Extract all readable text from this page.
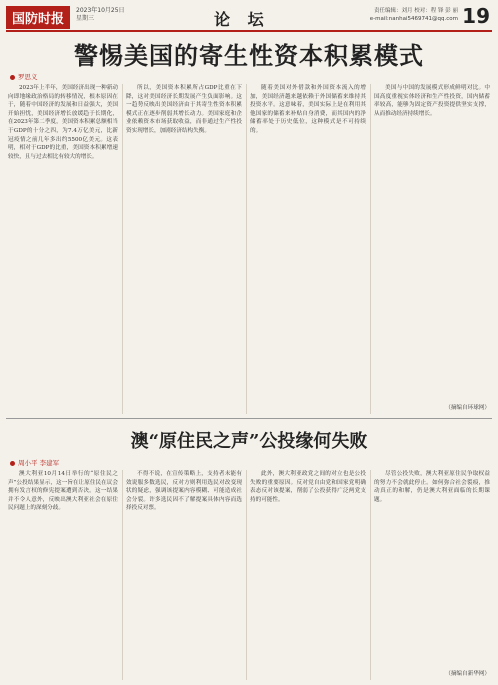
国防时报
2023年10月25日
星期三	论 坛	责任编辑：刘月 校对：程 锋 彭 丽
e-mail:nanhai5469741@qq.com 19
警惕美国的寄生性资本积累模式
罗思义

2023年上半年，美国经济出现一种新动向即地缘政治格局的转移情况，根本原因在于，随着中国经济的发展和日益强大，美国开始担忧，美国经济增长放缓趋于长期化，在2023年第二季度，美国资本积累总额相当于GDP的十分之四，为7.4万亿美元，比新冠疫情之前几年多出约5500亿美元。这表明，相对于GDP的比重，美国资本积累增速较快，且与过去相比有较大的增长。

所以，美国资本积累所占GDP比重在下降，这对美国经济长期发展产生负面影响。这一趋势反映出美国经济由于其寄生性资本积累模式正在逐步削弱其增长动力。美国家庭和企业依赖资本市场获取收益，而非通过生产性投资实现增长，加剧经济结构失衡。

随着美国对外借款和外国资本流入的增加，美国经济越来越依赖于外国储蓄来维持其投资水平。这意味着，美国实际上是在利用其他国家的储蓄来补贴自身消费，而其国内的净储蓄率处于历史低位，这种模式是不可持续的。

美国与中国的发展模式形成鲜明对比。中国高度重视实体经济和生产性投资，国内储蓄率较高，能够为固定资产投资提供坚实支撑，从而推动经济持续增长。

（摘编自环球网）
澳“原住民之声”公投缘何失败
周小平 李建军

澳大利亚10月14日举行的“原住民之声”公投结果显示，这一旨在让原住民在议会拥有发言权的修宪提案遭到否决。这一结果并不令人意外，反映出澳大利亚社会在原住民问题上的深刻分歧。

不得不说，在宣传策略上，支持者未能有效说服多数选民，反对方则利用选民对改变现状的疑虑，强调该提案内容模糊、可能造成社会分裂。许多选民因不了解提案具体内容而选择投反对票。

此外，澳大利亚政党之间的对立也是公投失败的重要原因。反对党自由党和国家党明确表态反对该提案，削弱了公投获得广泛两党支持的可能性。

尽管公投失败，澳大利亚原住民争取权益的努力不会就此停止。如何弥合社会裂痕，推动真正的和解，仍是澳大利亚面临的长期课题。

（摘编自新华网）
